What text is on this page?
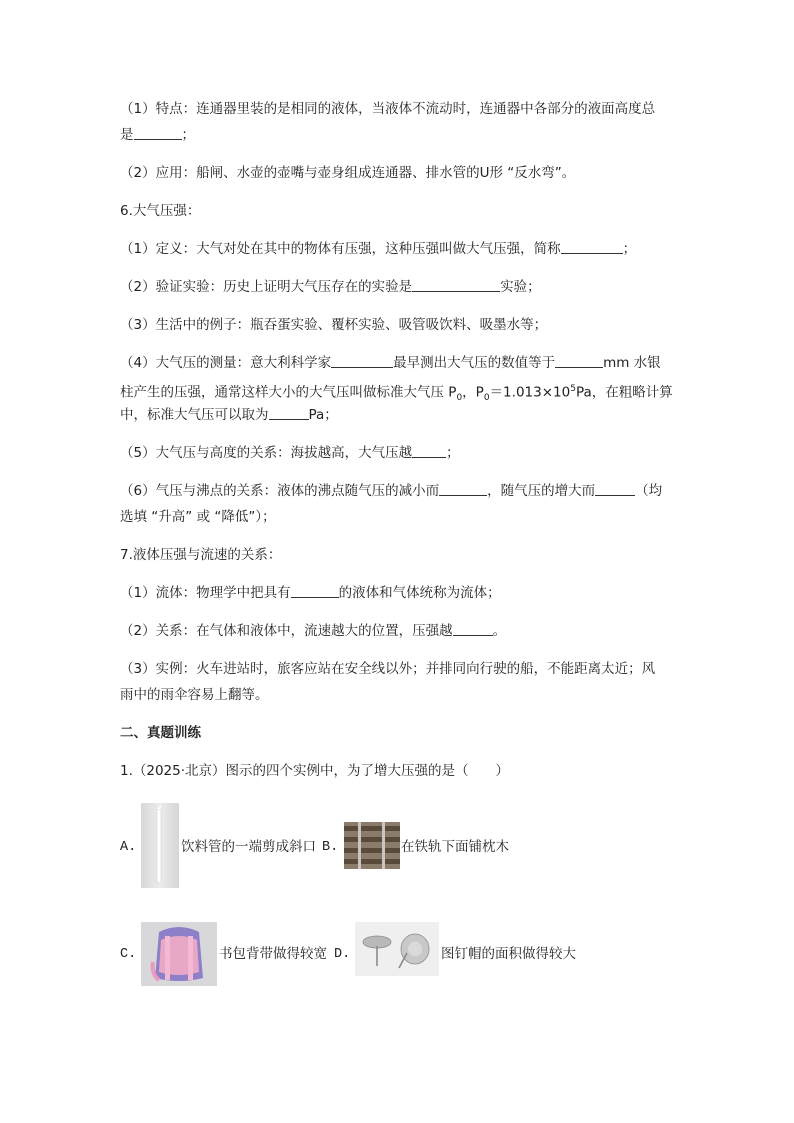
（1）特点：连通器里装的是相同的液体，当液体不流动时，连通器中各部分的液面高度总
是	；
（2）应用：船闸、水壶的壶嘴与壶身组成连通器、排水管的U形 “反水弯”。
6.大气压强：
（1）定义：大气对处在其中的物体有压强，这种压强叫做大气压强，简称	；
（2）验证实验：历史上证明大气压存在的实验是	实验；
（3）生活中的例子：瓶吞蛋实验、覆杯实验、吸管吸饮料、吸墨水等；
（4）大气压的测量：意大利科学家	最早测出大气压的数值等于	mm 水银
柱产生的压强，通常这样大小的大气压叫做标准大气压 $P_0$，$P_0=1.013\times 10^5Pa$，在粗略计算
中，标准大气压可以取为	Pa；
（5）大气压与高度的关系：海拔越高，大气压越	；
（6）气压与沸点的关系：液体的沸点随气压的减小而	，随气压的增大而	（均
选填 “升高” 或 “降低”）；
7.液体压强与流速的关系：
（1）流体：物理学中把具有	的液体和气体统称为流体；
（2）关系：在气体和液体中，流速越大的位置，压强越	。
（3）实例：火车进站时，旅客应站在安全线以外；并排同向行驶的船，不能距离太近；风
雨中的雨伞容易上翻等。
二、真题训练
1.（2025·北京）图示的四个实例中，为了增大压强的是（　　）
A.	饮料管的一端剪成斜口 B.	在铁轨下面铺枕木
C.	书包背带做得较宽 D.	图钉帽的面积做得较大
